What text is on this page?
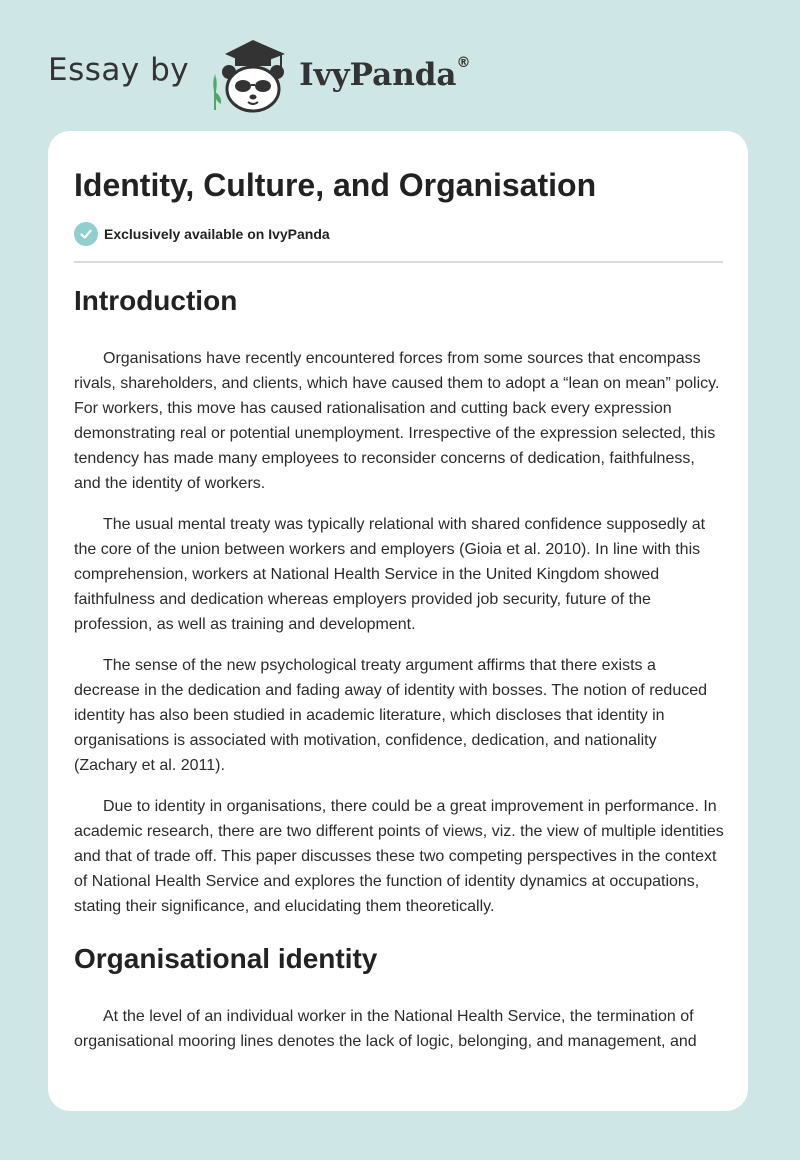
Essay by	IvyPanda®
Identity, Culture, and Organisation
Exclusively available on IvyPanda
Introduction

Organisations have recently encountered forces from some sources that encompass rivals, shareholders, and clients, which have caused them to adopt a “lean on mean” policy. For workers, this move has caused rationalisation and cutting back every expression demonstrating real or potential unemployment. Irrespective of the expression selected, this tendency has made many employees to reconsider concerns of dedication, faithfulness, and the identity of workers.

The usual mental treaty was typically relational with shared confidence supposedly at the core of the union between workers and employers (Gioia et al. 2010). In line with this comprehension, workers at National Health Service in the United Kingdom showed faithfulness and dedication whereas employers provided job security, future of the profession, as well as training and development.

The sense of the new psychological treaty argument affirms that there exists a decrease in the dedication and fading away of identity with bosses. The notion of reduced identity has also been studied in academic literature, which discloses that identity in organisations is associated with motivation, confidence, dedication, and nationality (Zachary et al. 2011).

Due to identity in organisations, there could be a great improvement in performance. In academic research, there are two different points of views, viz. the view of multiple identities and that of trade off. This paper discusses these two competing perspectives in the context of National Health Service and explores the function of identity dynamics at occupations, stating their significance, and elucidating them theoretically.

Organisational identity

At the level of an individual worker in the National Health Service, the termination of organisational mooring lines denotes the lack of logic, belonging, and management, and
